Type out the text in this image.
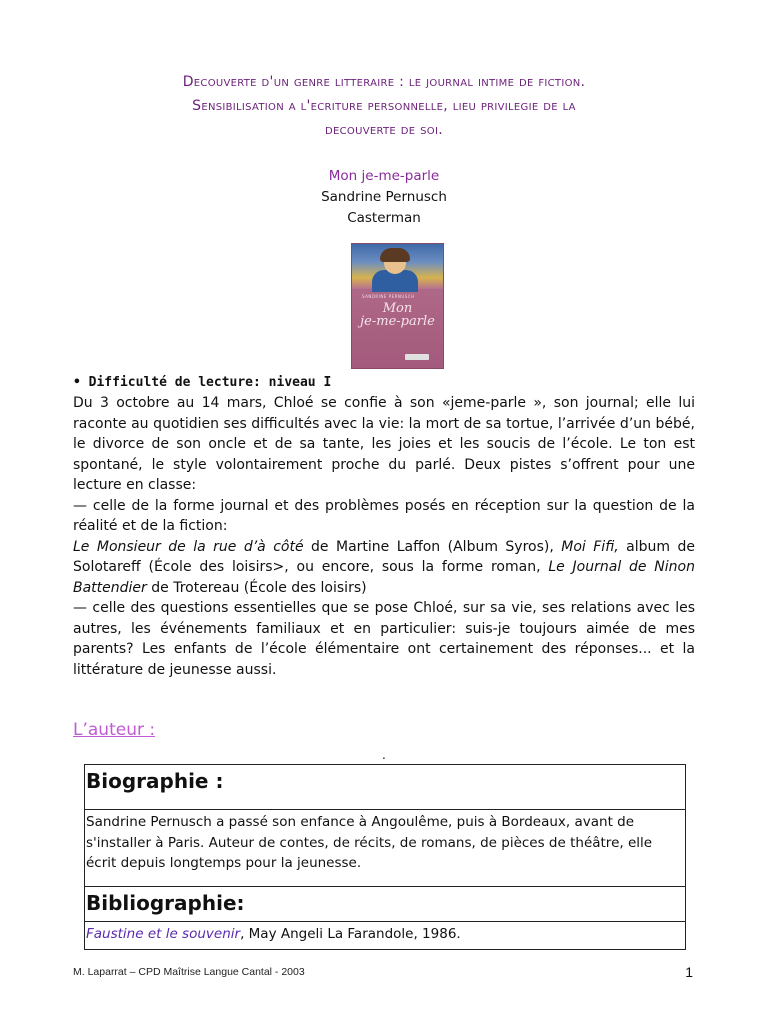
Decouverte d'un genre litteraire : le journal intime de fiction.
Sensibilisation a l'ecriture personnelle, lieu privilegie de la
decouverte de soi.
Mon je-me-parle
Sandrine Pernusch
Casterman
SANDRINE PERNUSCH
Mon
je-me-parle
• Difficulté de lecture: niveau I

Du 3 octobre au 14 mars, Chloé se confie à son «jeme-parle », son journal; elle lui raconte au quotidien ses difficultés avec la vie: la mort de sa tortue, l’arrivée d’un bébé, le divorce de son oncle et de sa tante, les joies et les soucis de l’école. Le ton est spontané, le style volontairement proche du parlé. Deux pistes s’offrent pour une lecture en classe:

— celle de la forme journal et des problèmes posés en réception sur la question de la réalité et de la fiction:

Le Monsieur de la rue d’à côté de Martine Laffon (Album Syros), Moi Fifi, album de Solotareff (École des loisirs>, ou encore, sous la forme roman, Le Journal de Ninon Battendier de Trotereau (École des loisirs)

— celle des questions essentielles que se pose Chloé, sur sa vie, ses relations avec les autres, les événements familiaux et en particulier: suis-je toujours aimée de mes parents? Les enfants de l’école élémentaire ont certainement des réponses... et la littérature de jeunesse aussi.

L’auteur :
.
Biographie :
Sandrine Pernusch a passé son enfance à Angoulême, puis à Bordeaux, avant de s'installer à Paris. Auteur de contes, de récits, de romans, de pièces de théâtre, elle écrit depuis longtemps pour la jeunesse.
Bibliographie:
Faustine et le souvenir, May Angeli La Farandole, 1986.
M. Laparrat – CPD Maîtrise Langue Cantal - 2003	1
